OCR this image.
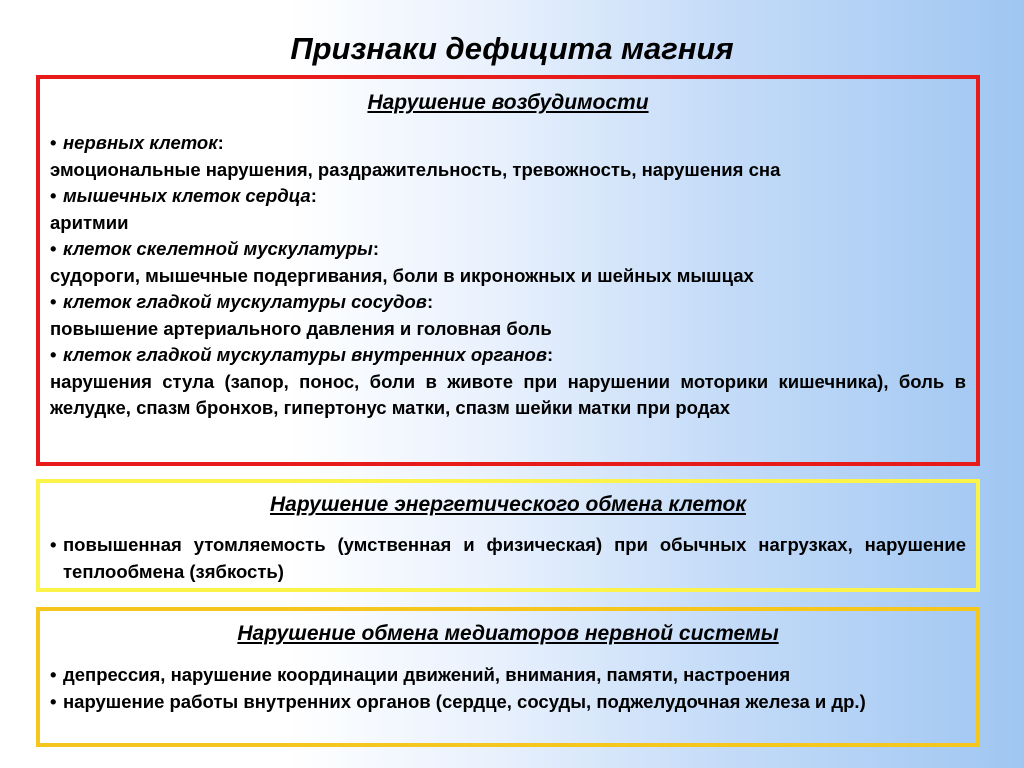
Признаки дефицита магния
Нарушение возбудимости

• нервных клеток:

эмоциональные нарушения, раздражительность, тревожность, нарушения сна

• мышечных клеток сердца:

аритмии

• клеток скелетной мускулатуры:

судороги, мышечные подергивания, боли в икроножных и шейных мышцах

• клеток гладкой мускулатуры сосудов:

повышение артериального давления и головная боль

• клеток гладкой мускулатуры внутренних органов:

нарушения стула (запор, понос, боли в животе при нарушении моторики кишечника), боль в желудке, спазм бронхов, гипертонус матки, спазм шейки матки при родах

Нарушение энергетического обмена клеток
• повышенная утомляемость (умственная и физическая) при обычных нагрузках, нарушение теплообмена (зябкость)
Нарушение обмена медиаторов нервной системы
• депрессия, нарушение координации движений, внимания, памяти, настроения
• нарушение работы внутренних органов (сердце, сосуды, поджелудочная железа и др.)
